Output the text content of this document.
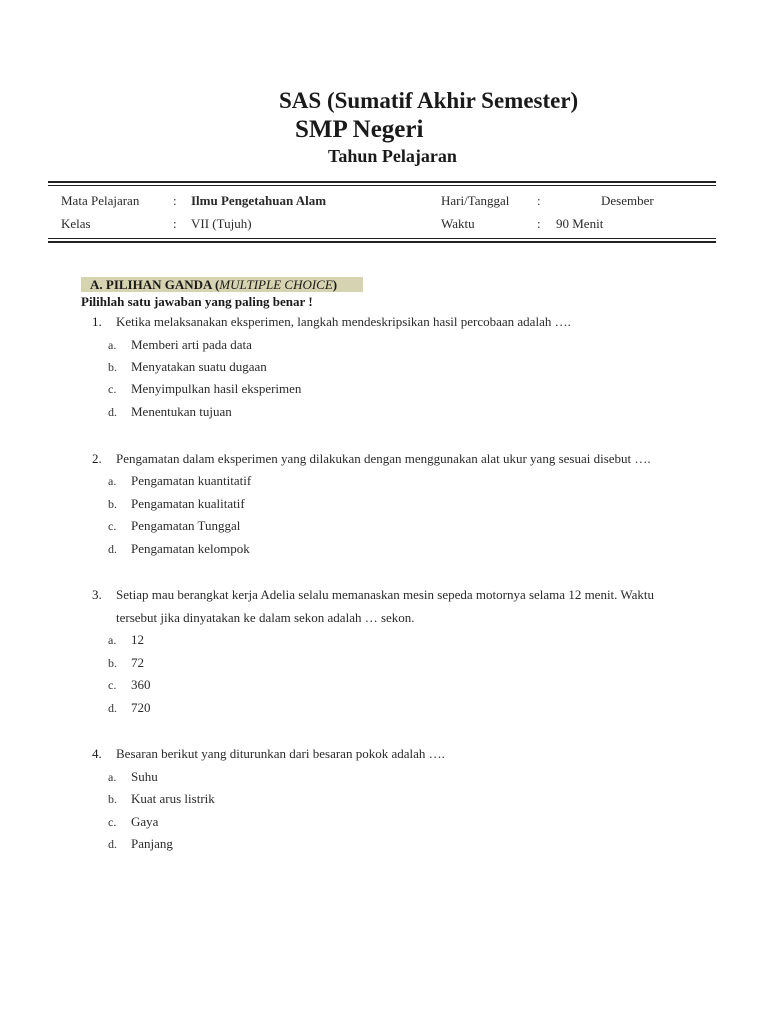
SAS (Sumatif Akhir Semester)
SMP Negeri
Tahun Pelajaran
Mata Pelajaran	: Ilmu Pengetahuan Alam	Hari/Tanggal :	Desember
Kelas	: VII (Tujuh)	Waktu	: 90 Menit
A. PILIHAN GANDA (MULTIPLE CHOICE)
Pilihlah satu jawaban yang paling benar !
1. Ketika melaksanakan eksperimen, langkah mendeskripsikan hasil percobaan adalah ….
a. Memberi arti pada data
b. Menyatakan suatu dugaan
c. Menyimpulkan hasil eksperimen
d. Menentukan tujuan
2. Pengamatan dalam eksperimen yang dilakukan dengan menggunakan alat ukur yang sesuai disebut ….
a. Pengamatan kuantitatif
b. Pengamatan kualitatif
c. Pengamatan Tunggal
d. Pengamatan kelompok
3. Setiap mau berangkat kerja Adelia selalu memanaskan mesin sepeda motornya selama 12 menit. Waktu
tersebut jika dinyatakan ke dalam sekon adalah … sekon.
a. 12
b. 72
c. 360
d. 720
4. Besaran berikut yang diturunkan dari besaran pokok adalah ….
a. Suhu
b. Kuat arus listrik
c. Gaya
d. Panjang
